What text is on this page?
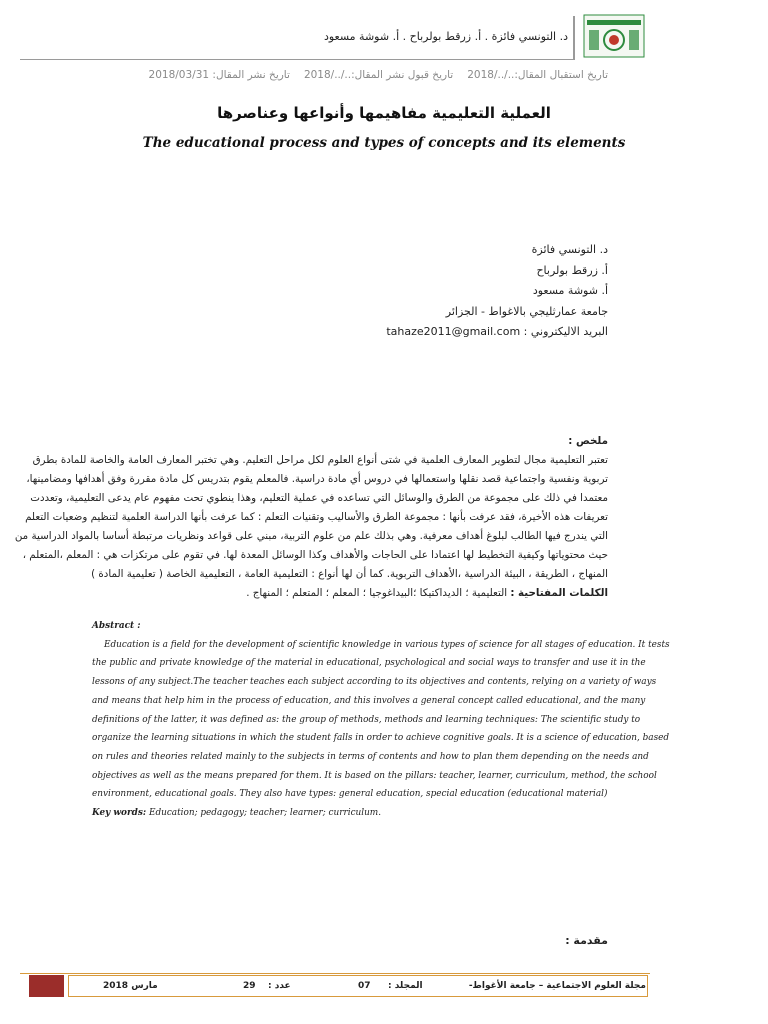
د. التونسي فائزة . أ. زرقط بولرباح . أ. شوشة مسعود
تاريخ استقبال المقال:../../2018
تاريخ قبول نشر المقال:../../2018
تاريخ نشر المقال: 2018/03/31
العملية التعليمية مفاهيمها وأنواعها وعناصرها
The educational process and types of concepts and its elements
د. التونسي فائزة
أ. زرقط بولرباح
أ. شوشة مسعود
جامعة عمارثليجي بالاغواط - الجزائر
البريد الاليكتروني : tahaze2011@gmail.com
ملخص :
تعتبر التعليمية مجال لتطوير المعارف العلمية في شتى أنواع العلوم لكل مراحل التعليم. وهي تختبر المعارف العامة والخاصة للمادة بطرق
تربوية ونفسية واجتماعية قصد نقلها واستعمالها في دروس أي مادة دراسية. فالمعلم يقوم بتدريس كل مادة مقررة وفق أهدافها ومضامينها،
معتمدا في ذلك على مجموعة من الطرق والوسائل التي تساعده في عملية التعليم، وهذا ينطوي تحت مفهوم عام يدعى التعليمية، وتعددت
تعريفات هذه الأخيرة، فقد عرفت بأنها : مجموعة الطرق والأساليب وتقنيات التعلم : كما عرفت بأنها الدراسة العلمية لتنظيم وضعيات التعلم
التي يندرج فيها الطالب لبلوغ أهداف معرفية. وهي بذلك علم من علوم التربية، مبني على قواعد ونظريات مرتبطة أساسا بالمواد الدراسية من
حيث محتوياتها وكيفية التخطيط لها اعتمادا على الحاجات والأهداف وكذا الوسائل المعدة لها. في تقوم على مرتكزات هي : المعلم ،المتعلم ،
المنهاج ، الطريقة ، البيئة الدراسية ،الأهداف التربوية. كما أن لها أنواع : التعليمية العامة ، التعليمية الخاصة ( تعليمية المادة )
الكلمات المفتاحية : التعليمية ؛ الديداكتيكا ؛البيداغوجيا ؛ المعلم ؛ المتعلم ؛ المنهاج .
Abstract :
Education is a field for the development of scientific knowledge in various types of science for all stages of education. It tests
the public and private knowledge of the material in educational, psychological and social ways to transfer and use it in the
lessons of any subject.The teacher teaches each subject according to its objectives and contents, relying on a variety of ways
and means that help him in the process of education, and this involves a general concept called educational, and the many
definitions of the latter, it was defined as: the group of methods, methods and learning techniques: The scientific study to
organize the learning situations in which the student falls in order to achieve cognitive goals. It is a science of education, based
on rules and theories related mainly to the subjects in terms of contents and how to plan them depending on the needs and
objectives as well as the means prepared for them. It is based on the pillars: teacher, learner, curriculum, method, the school
environment, educational goals. They also have types: general education, special education (educational material)
Key words: Education; pedagogy; teacher; learner; curriculum.
مقدمة :
مجلة العلوم الاجتماعية – جامعة الأغواط-
07 المجلد :
29 عدد :
مارس 2018
